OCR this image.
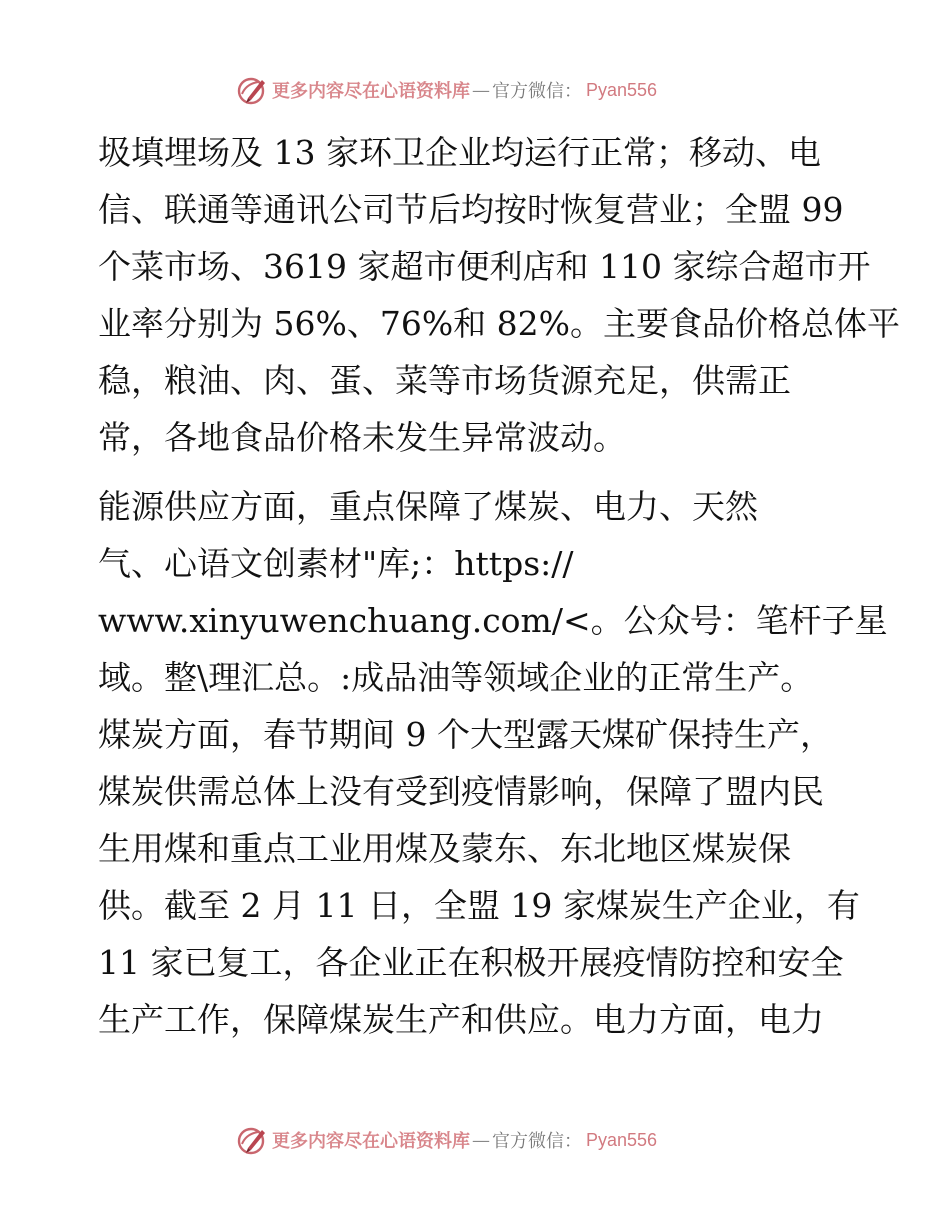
更多内容尽在心语资料库 — 官方微信： Pyan556
圾填埋场及 13 家环卫企业均运行正常；移动、电
信、联通等通讯公司节后均按时恢复营业；全盟 99
个菜市场、3619 家超市便利店和 110 家综合超市开
业率分别为 56%、76%和 82%。主要食品价格总体平
稳，粮油、肉、蛋、菜等市场货源充足，供需正
常，各地食品价格未发生异常波动。
能源供应方面，重点保障了煤炭、电力、天然
气、心语文创素材"库;：https://
www.xinyuwenchuang.com/<。公众号：笔杆子星
域。整\理汇总。:成品油等领域企业的正常生产。
煤炭方面，春节期间 9 个大型露天煤矿保持生产，
煤炭供需总体上没有受到疫情影响，保障了盟内民
生用煤和重点工业用煤及蒙东、东北地区煤炭保
供。截至 2 月 11 日，全盟 19 家煤炭生产企业，有
11 家已复工，各企业正在积极开展疫情防控和安全
生产工作，保障煤炭生产和供应。电力方面，电力
更多内容尽在心语资料库 — 官方微信： Pyan556
